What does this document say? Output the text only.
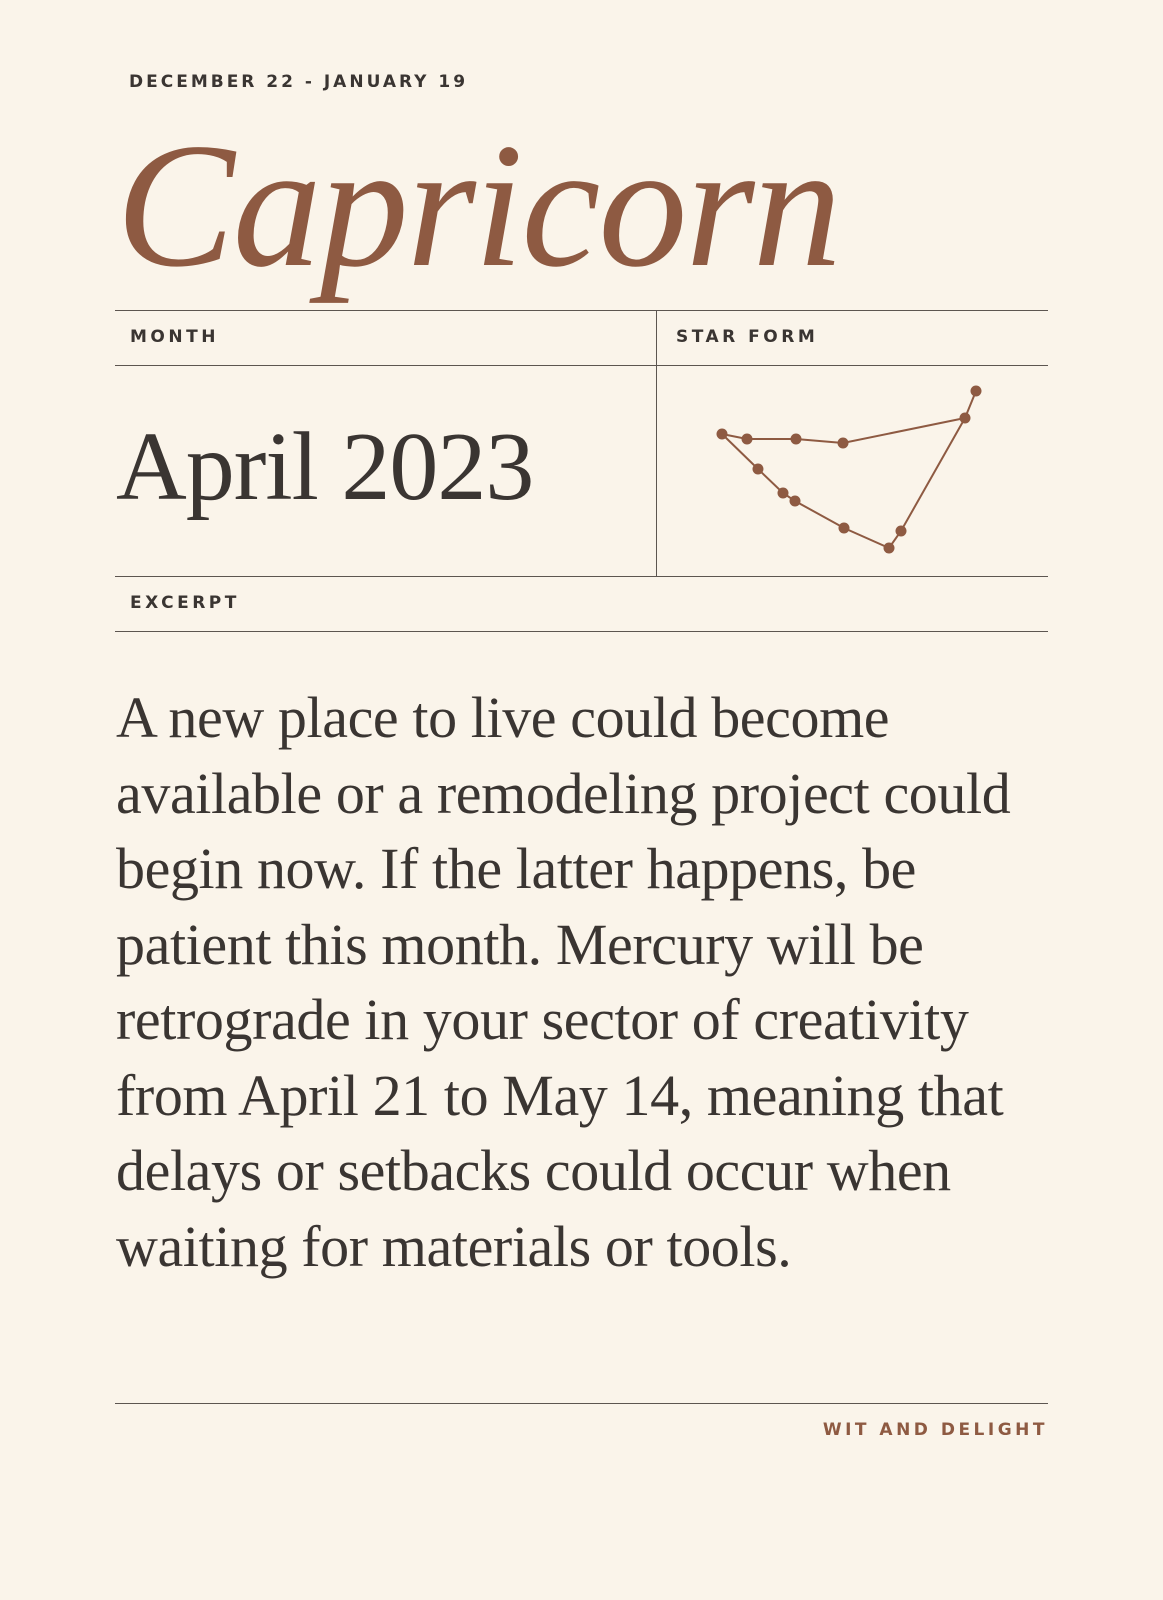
DECEMBER 22 - JANUARY 19
Capricorn
MONTH	STAR FORM
April 2023
EXCERPT

A new place to live could become available or a remodeling project could begin now. If the latter happens, be patient this month. Mercury will be retrograde in your sector of creativity from April 21 to May 14, meaning that delays or setbacks could occur when waiting for materials or tools.

WIT AND DELIGHT
